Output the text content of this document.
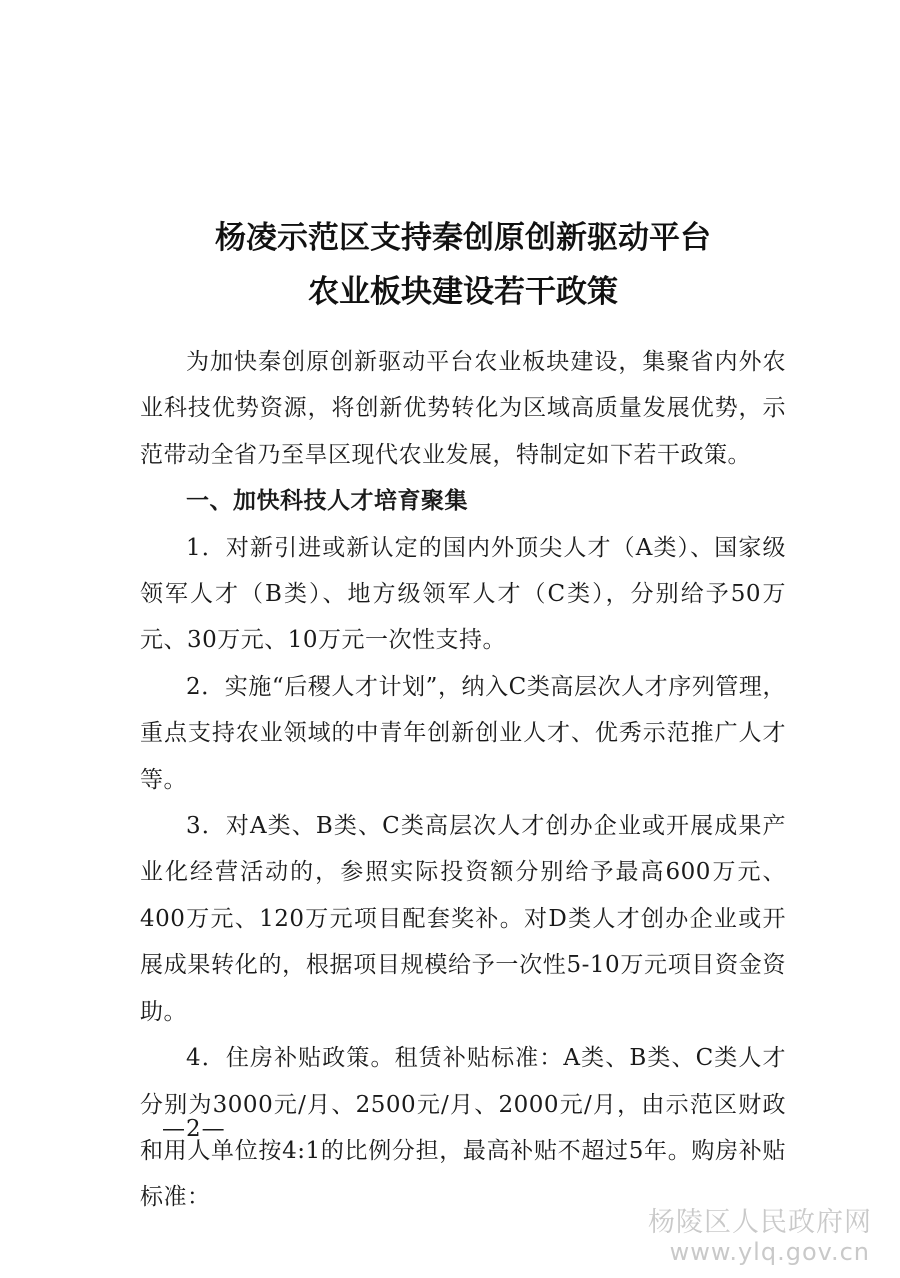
杨凌示范区支持秦创原创新驱动平台
农业板块建设若干政策

为加快秦创原创新驱动平台农业板块建设，集聚省内外农业科技优势资源，将创新优势转化为区域高质量发展优势，示范带动全省乃至旱区现代农业发展，特制定如下若干政策。

一、加快科技人才培育聚集

1．对新引进或新认定的国内外顶尖人才（A类）、国家级领军人才（B类）、地方级领军人才（C类），分别给予50万元、30万元、10万元一次性支持。

2．实施“后稷人才计划”，纳入C类高层次人才序列管理，重点支持农业领域的中青年创新创业人才、优秀示范推广人才等。

3．对A类、B类、C类高层次人才创办企业或开展成果产业化经营活动的，参照实际投资额分别给予最高600万元、400万元、120万元项目配套奖补。对D类人才创办企业或开展成果转化的，根据项目规模给予一次性5-10万元项目资金资助。

4．住房补贴政策。租赁补贴标准：A类、B类、C类人才分别为3000元/月、2500元/月、2000元/月，由示范区财政和用人单位按4:1的比例分担，最高补贴不超过5年。购房补贴标准：

—2—
杨陵区人民政府网
www.ylq.gov.cn
